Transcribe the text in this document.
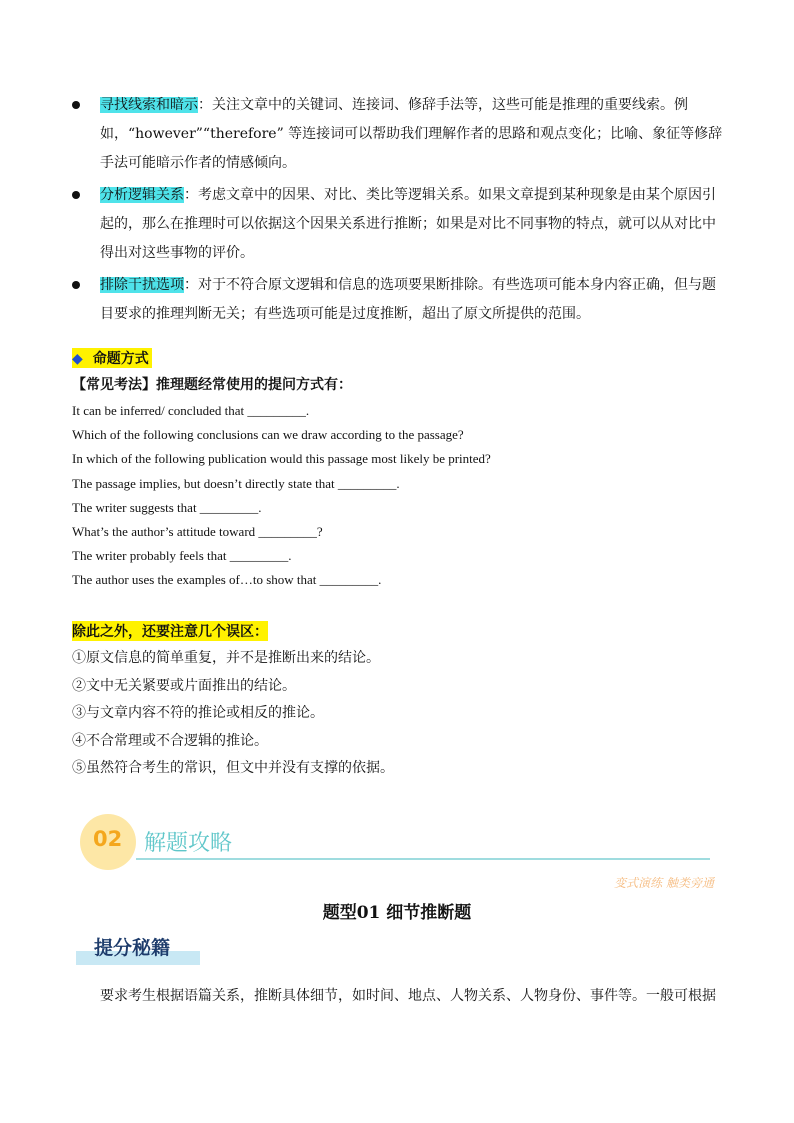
寻找线索和暗示：关注文章中的关键词、连接词、修辞手法等，这些可能是推理的重要线索。例如，“however”“therefore” 等连接词可以帮助我们理解作者的思路和观点变化；比喻、象征等修辞手法可能暗示作者的情感倾向。
分析逻辑关系：考虑文章中的因果、对比、类比等逻辑关系。如果文章提到某种现象是由某个原因引起的，那么在推理时可以依据这个因果关系进行推断；如果是对比不同事物的特点，就可以从对比中得出对这些事物的评价。
排除干扰选项：对于不符合原文逻辑和信息的选项要果断排除。有些选项可能本身内容正确，但与题目要求的推理判断无关；有些选项可能是过度推断，超出了原文所提供的范围。
◆ 命题方式
【常见考法】推理题经常使用的提问方式有：
It can be inferred/ concluded that _________.
Which of the following conclusions can we draw according to the passage?
In which of the following publication would this passage most likely be printed?
The passage implies, but doesn’t directly state that _________.
The writer suggests that _________.
What’s the author’s attitude toward _________?
The writer probably feels that _________.
The author uses the examples of…to show that _________.
除此之外，还要注意几个误区：
①原文信息的简单重复，并不是推断出来的结论。
②文中无关紧要或片面推出的结论。
③与文章内容不符的推论或相反的推论。
④不合常理或不合逻辑的推论。
⑤虽然符合考生的常识，但文中并没有支撑的依据。
02 解题攻略
变式演练 触类旁通
题型01 细节推断题
提分秘籍
要求考生根据语篇关系，推断具体细节，如时间、地点、人物关系、人物身份、事件等。一般可根据
